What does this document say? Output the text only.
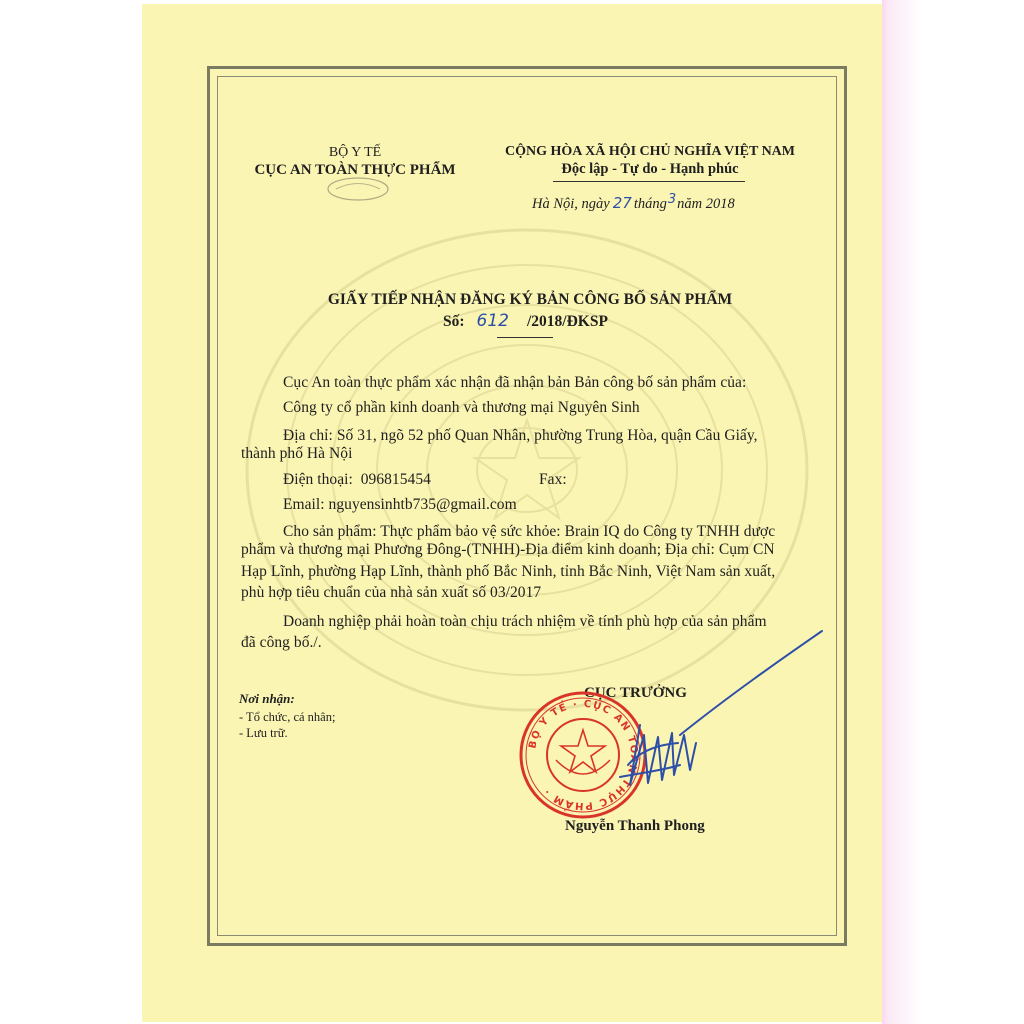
BỘ Y TẾ
CỤC AN TOÀN THỰC PHẨM
CỘNG HÒA XÃ HỘI CHỦ NGHĨA VIỆT NAM
Độc lập - Tự do - Hạnh phúc
Hà Nội, ngày 27 tháng3năm 2018
GIẤY TIẾP NHẬN ĐĂNG KÝ BẢN CÔNG BỐ SẢN PHẨM
Số: 612 /2018/ĐKSP
Cục An toàn thực phẩm xác nhận đã nhận bản Bản công bố sản phẩm của:
Công ty cổ phần kinh doanh và thương mại Nguyên Sinh
Địa chỉ: Số 31, ngõ 52 phố Quan Nhân, phường Trung Hòa, quận Cầu Giấy,
thành phố Hà Nội
Điện thoại: 096815454	Fax:
Email: nguyensinhtb735@gmail.com
Cho sản phẩm: Thực phẩm bảo vệ sức khỏe: Brain IQ do Công ty TNHH dược
phẩm và thương mại Phương Đông-(TNHH)-Địa điểm kinh doanh; Địa chỉ: Cụm CN
Hạp Lĩnh, phường Hạp Lĩnh, thành phố Bắc Ninh, tỉnh Bắc Ninh, Việt Nam sản xuất,
phù hợp tiêu chuẩn của nhà sản xuất số 03/2017
Doanh nghiệp phải hoàn toàn chịu trách nhiệm về tính phù hợp của sản phẩm
đã công bố./.
Nơi nhận:
- Tổ chức, cá nhân;
- Lưu trữ.
CỤC TRƯỞNG
BỘ Y TẾ · CỤC AN TOÀN THỰC PHẨM ·
Nguyễn Thanh Phong
